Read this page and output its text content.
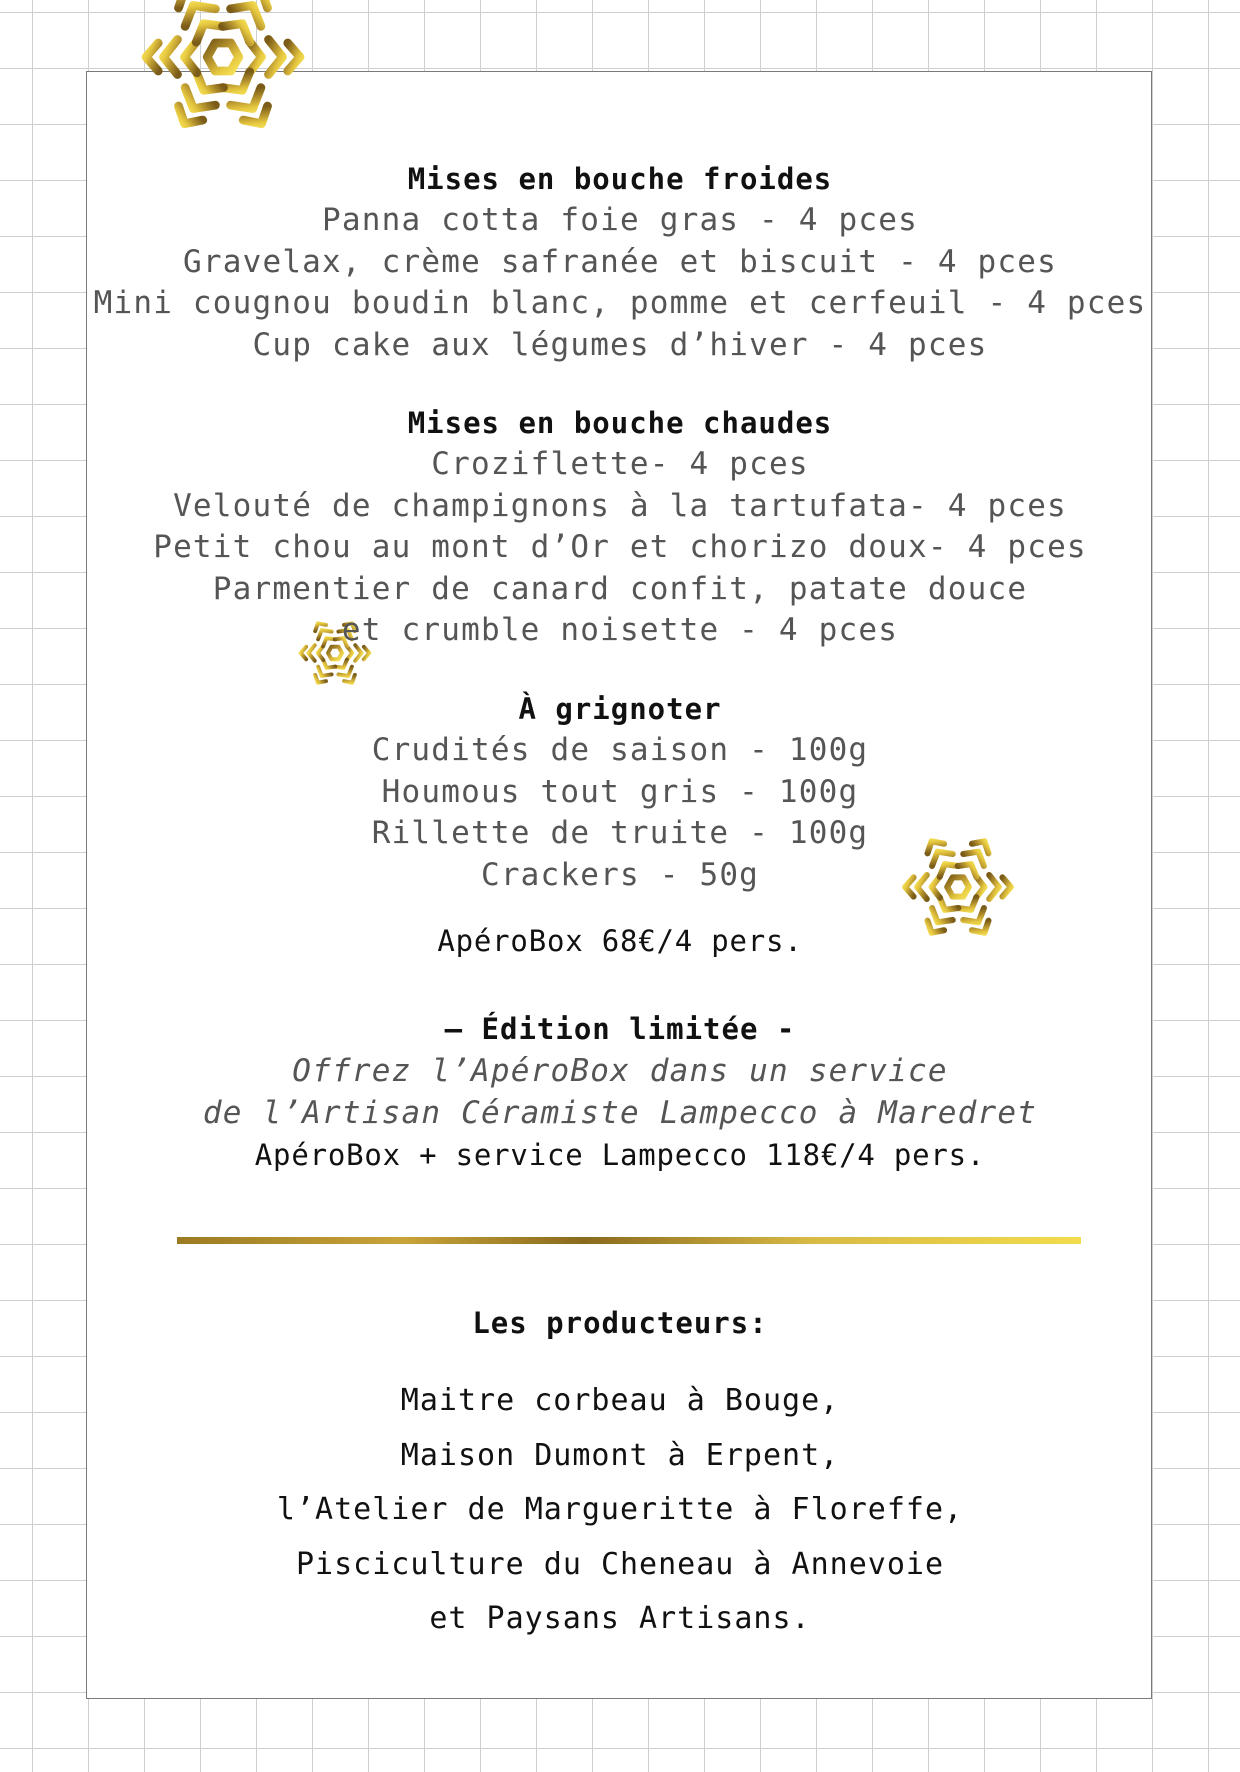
Mises en bouche froides
Panna cotta foie gras - 4 pces
Gravelax, crème safranée et biscuit - 4 pces
Mini cougnou boudin blanc, pomme et cerfeuil - 4 pces
Cup cake aux légumes d’hiver - 4 pces
Mises en bouche chaudes
Croziflette- 4 pces
Velouté de champignons à la tartufata- 4 pces
Petit chou au mont d’Or et chorizo doux- 4 pces
Parmentier de canard confit, patate douce
et crumble noisette - 4 pces
À grignoter
Crudités de saison - 100g
Houmous tout gris - 100g
Rillette de truite - 100g
Crackers - 50g
ApéroBox 68€/4 pers.
— Édition limitée -
Offrez l’ApéroBox dans un service
de l’Artisan Céramiste Lampecco à Maredret
ApéroBox + service Lampecco 118€/4 pers.
Les producteurs:
Maitre corbeau à Bouge,
Maison Dumont à Erpent,
l’Atelier de Margueritte à Floreffe,
Pisciculture du Cheneau à Annevoie
et Paysans Artisans.
